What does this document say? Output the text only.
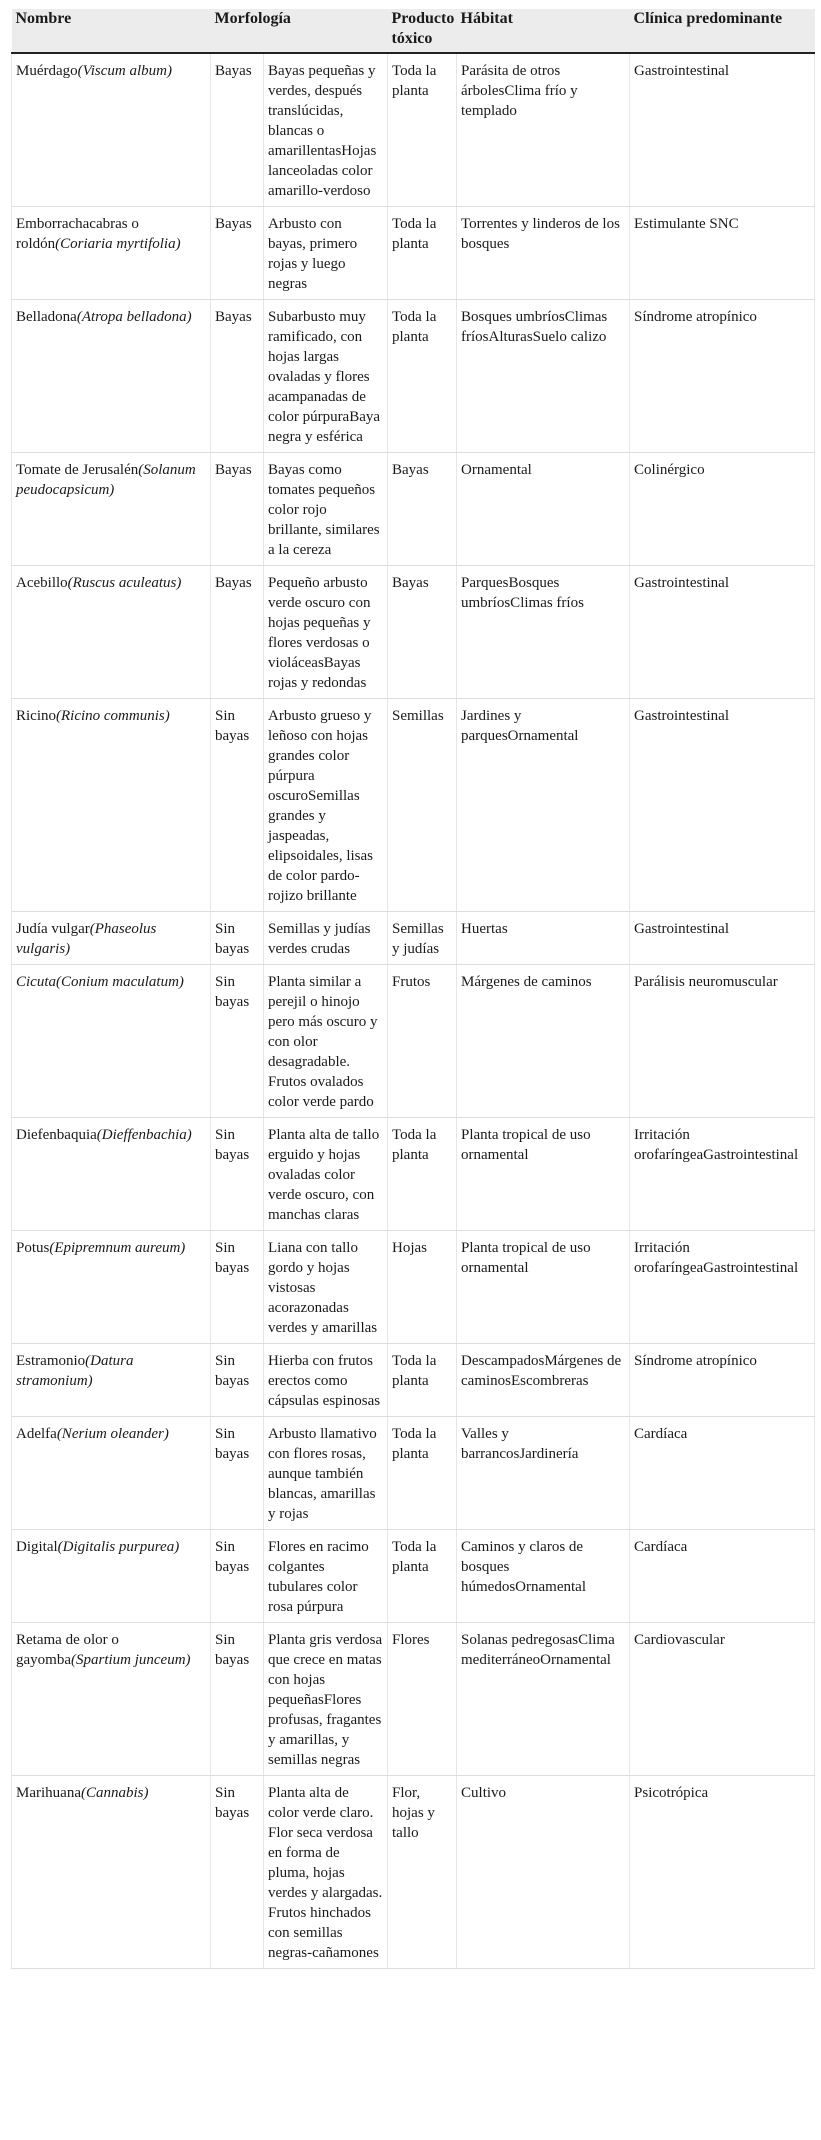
Nombre	Morfología		Producto tóxico	Hábitat	Clínica predominante
Muérdago(Viscum album)	Bayas	Bayas pequeñas y verdes, después translúcidas, blancas o amarillentasHojas lanceoladas color amarillo-verdoso	Toda la planta	Parásita de otros árbolesClima frío y templado	Gastrointestinal
Emborrachacabras o roldón(Coriaria myrtifolia)	Bayas	Arbusto con bayas, primero rojas y luego negras	Toda la planta	Torrentes y linderos de los bosques	Estimulante SNC
Belladona(Atropa belladona)	Bayas	Subarbusto muy ramificado, con hojas largas ovaladas y flores acampanadas de color púrpuraBaya negra y esférica	Toda la planta	Bosques umbríosClimas fríosAlturasSuelo calizo	Síndrome atropínico
Tomate de Jerusalén(Solanum peudocapsicum)	Bayas	Bayas como tomates pequeños color rojo brillante, similares a la cereza	Bayas	Ornamental	Colinérgico
Acebillo(Ruscus aculeatus)	Bayas	Pequeño arbusto verde oscuro con hojas pequeñas y flores verdosas o violáceasBayas rojas y redondas	Bayas	ParquesBosques umbríosClimas fríos	Gastrointestinal
Ricino(Ricino communis)	Sin bayas	Arbusto grueso y leñoso con hojas grandes color púrpura oscuroSemillas grandes y jaspeadas, elipsoidales, lisas de color pardo-rojizo brillante	Semillas	Jardines y parquesOrnamental	Gastrointestinal
Judía vulgar(Phaseolus vulgaris)	Sin bayas	Semillas y judías verdes crudas	Semillas y judías	Huertas	Gastrointestinal
Cicuta(Conium maculatum)	Sin bayas	Planta similar a perejil o hinojo pero más oscuro y con olor desagradable. Frutos ovalados color verde pardo	Frutos	Márgenes de caminos	Parálisis neuromuscular
Diefenbaquia(Dieffenbachia)	Sin bayas	Planta alta de tallo erguido y hojas ovaladas color verde oscuro, con manchas claras	Toda la planta	Planta tropical de uso ornamental	Irritación orofaríngeaGastrointestinal
Potus(Epipremnum aureum)	Sin bayas	Liana con tallo gordo y hojas vistosas acorazonadas verdes y amarillas	Hojas	Planta tropical de uso ornamental	Irritación orofaríngeaGastrointestinal
Estramonio(Datura stramonium)	Sin bayas	Hierba con frutos erectos como cápsulas espinosas	Toda la planta	DescampadosMárgenes de caminosEscombreras	Síndrome atropínico
Adelfa(Nerium oleander)	Sin bayas	Arbusto llamativo con flores rosas, aunque también blancas, amarillas y rojas	Toda la planta	Valles y barrancosJardinería	Cardíaca
Digital(Digitalis purpurea)	Sin bayas	Flores en racimo colgantes tubulares color rosa púrpura	Toda la planta	Caminos y claros de bosques húmedosOrnamental	Cardíaca
Retama de olor o gayomba(Spartium junceum)	Sin bayas	Planta gris verdosa que crece en matas con hojas pequeñasFlores profusas, fragantes y amarillas, y semillas negras	Flores	Solanas pedregosasClima mediterráneoOrnamental	Cardiovascular
Marihuana(Cannabis)	Sin bayas	Planta alta de color verde claro. Flor seca verdosa en forma de pluma, hojas verdes y alargadas. Frutos hinchados con semillas negras-cañamones	Flor, hojas y tallo	Cultivo	Psicotrópica
